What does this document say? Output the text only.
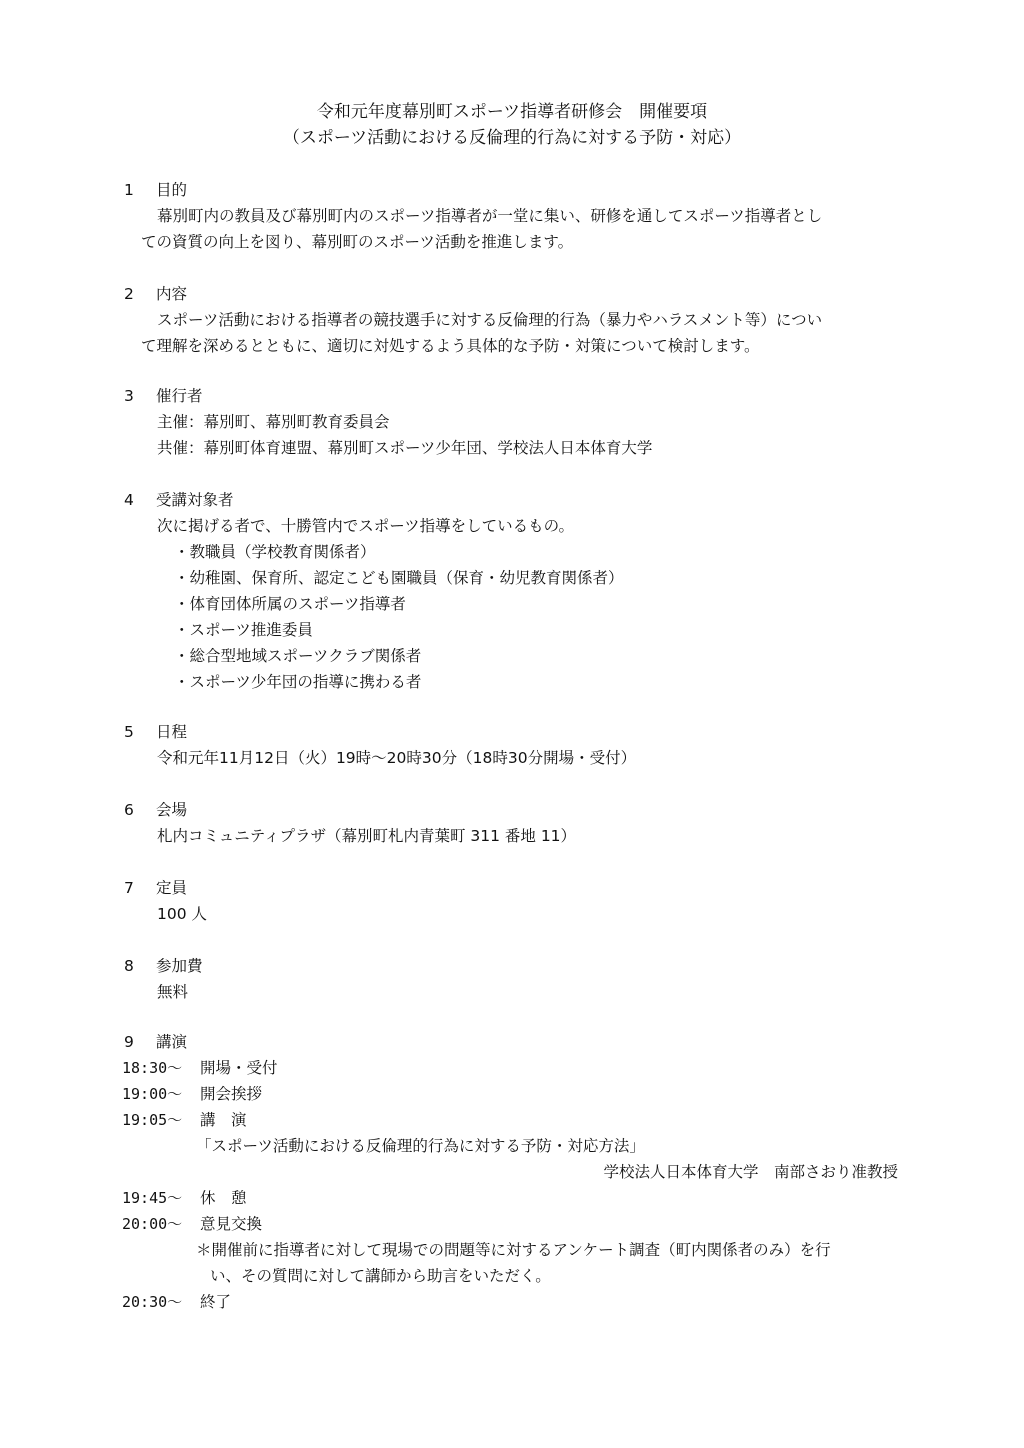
令和元年度幕別町スポーツ指導者研修会　開催要項
（スポーツ活動における反倫理的行為に対する予防・対応）
1 目的
幕別町内の教員及び幕別町内のスポーツ指導者が一堂に集い、研修を通してスポーツ指導者とし
ての資質の向上を図り、幕別町のスポーツ活動を推進します。
2 内容
スポーツ活動における指導者の競技選手に対する反倫理的行為（暴力やハラスメント等）につい
て理解を深めるとともに、適切に対処するよう具体的な予防・対策について検討します。
3 催行者
主催：幕別町、幕別町教育委員会
共催：幕別町体育連盟、幕別町スポーツ少年団、学校法人日本体育大学
4 受講対象者
次に掲げる者で、十勝管内でスポーツ指導をしているもの。
・教職員（学校教育関係者）
・幼稚園、保育所、認定こども園職員（保育・幼児教育関係者）
・体育団体所属のスポーツ指導者
・スポーツ推進委員
・総合型地域スポーツクラブ関係者
・スポーツ少年団の指導に携わる者
5 日程
令和元年11月12日（火）19時～20時30分（18時30分開場・受付）
6 会場
札内コミュニティプラザ（幕別町札内青葉町 311 番地 11）
7 定員
100 人
8 参加費
無料
9 講演
18:30～ 開場・受付
19:00～ 開会挨拶
19:05～ 講　演
「スポーツ活動における反倫理的行為に対する予防・対応方法」
学校法人日本体育大学　南部さおり准教授
19:45～ 休　憩
20:00～ 意見交換
＊開催前に指導者に対して現場での問題等に対するアンケート調査（町内関係者のみ）を行
い、その質問に対して講師から助言をいただく。
20:30～ 終了
